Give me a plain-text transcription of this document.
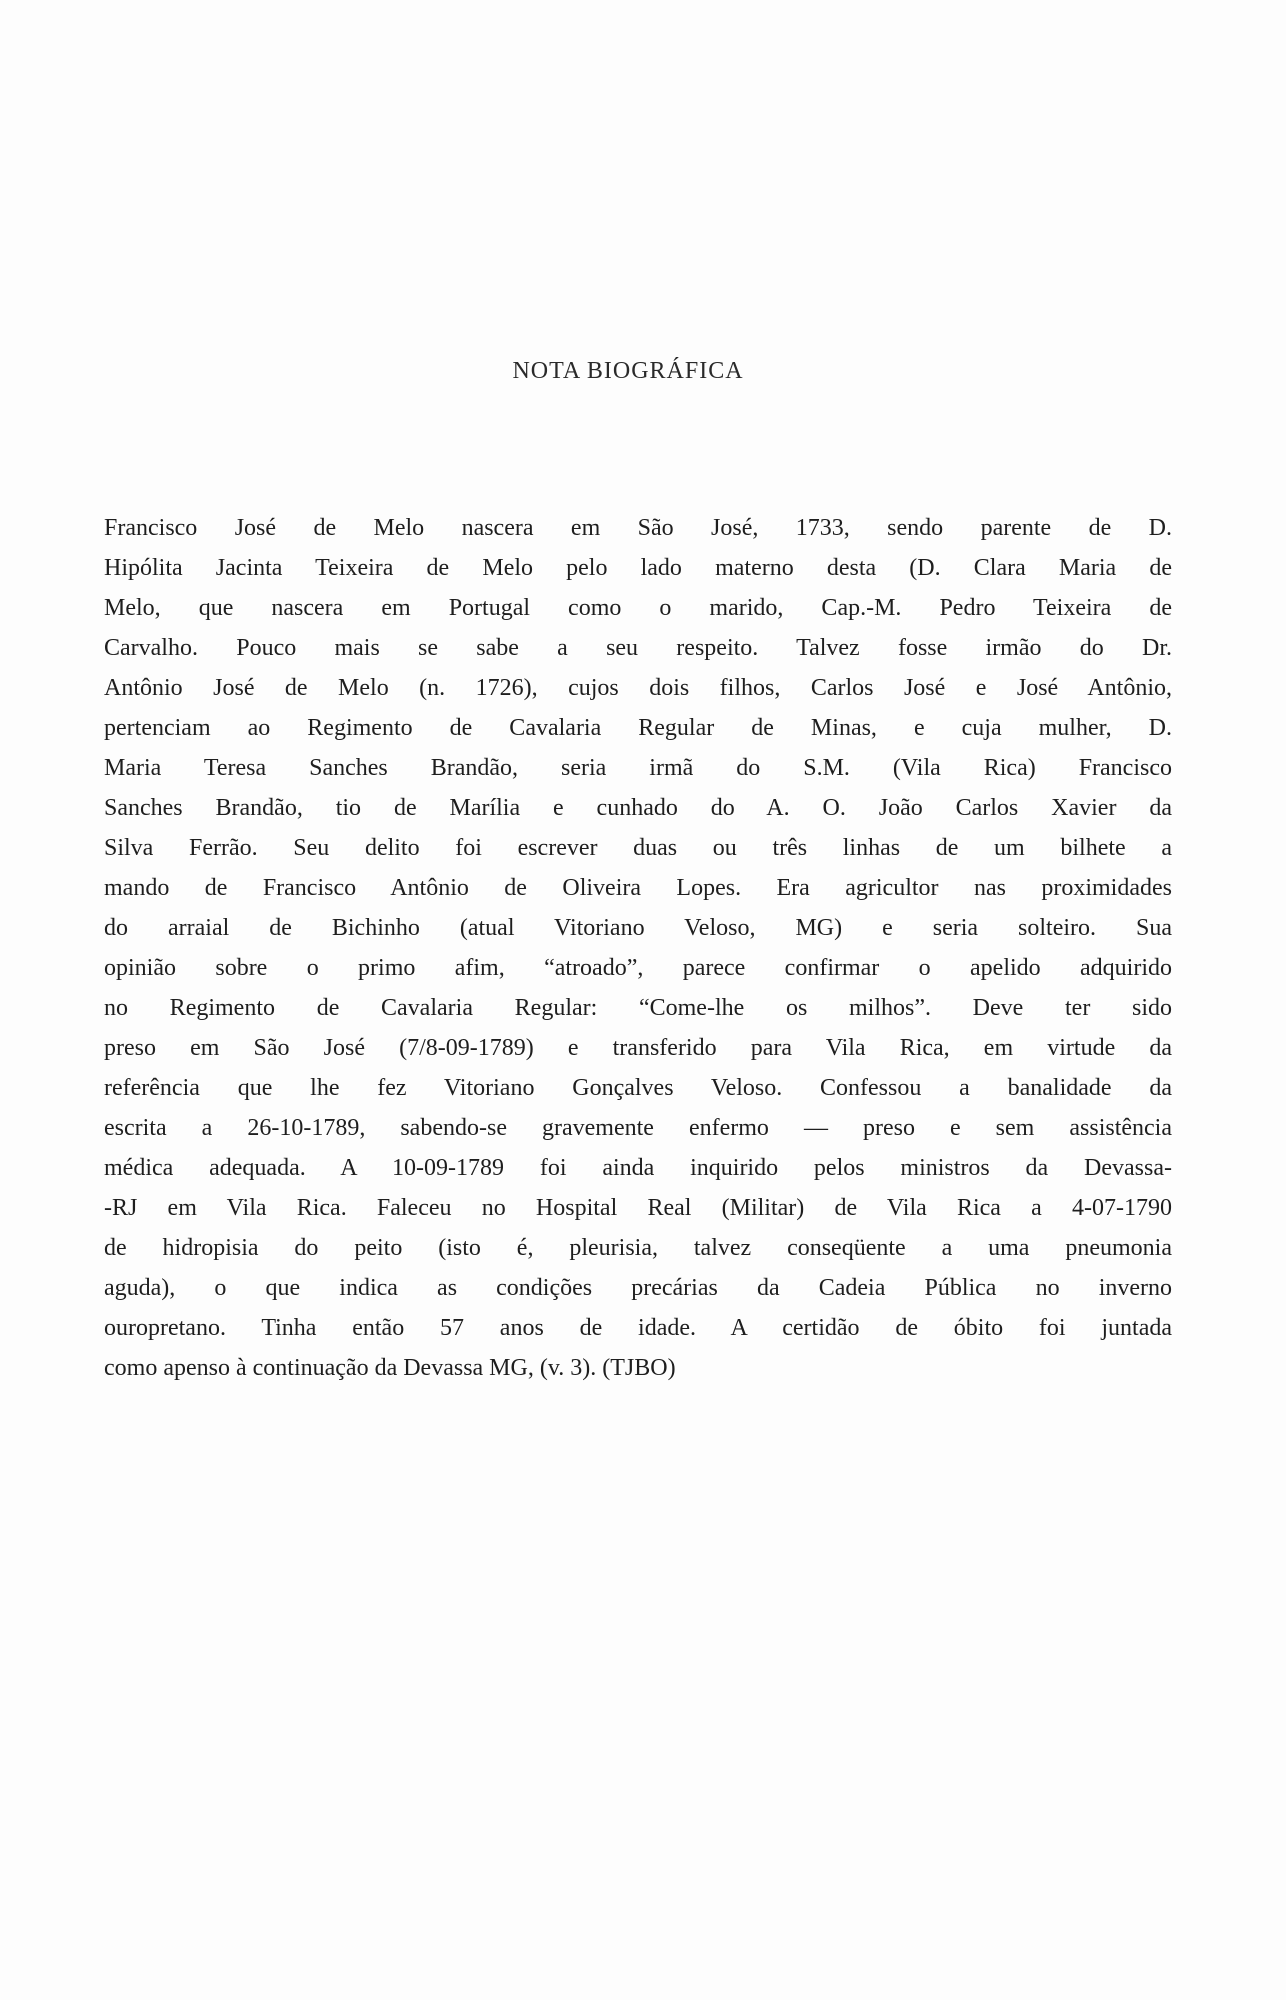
NOTA BIOGRÁFICA
Francisco José de Melo nascera em São José, 1733, sendo parente de D.
Hipólita Jacinta Teixeira de Melo pelo lado materno desta (D. Clara Maria de
Melo, que nascera em Portugal como o marido, Cap.-M. Pedro Teixeira de
Carvalho. Pouco mais se sabe a seu respeito. Talvez fosse irmão do Dr.
Antônio José de Melo (n. 1726), cujos dois filhos, Carlos José e José Antônio,
pertenciam ao Regimento de Cavalaria Regular de Minas, e cuja mulher, D.
Maria Teresa Sanches Brandão, seria irmã do S.M. (Vila Rica) Francisco
Sanches Brandão, tio de Marília e cunhado do A. O. João Carlos Xavier da
Silva Ferrão. Seu delito foi escrever duas ou três linhas de um bilhete a
mando de Francisco Antônio de Oliveira Lopes. Era agricultor nas proximidades
do arraial de Bichinho (atual Vitoriano Veloso, MG) e seria solteiro. Sua
opinião sobre o primo afim, “atroado”, parece confirmar o apelido adquirido
no Regimento de Cavalaria Regular: “Come-lhe os milhos”. Deve ter sido
preso em São José (7/8-09-1789) e transferido para Vila Rica, em virtude da
referência que lhe fez Vitoriano Gonçalves Veloso. Confessou a banalidade da
escrita a 26-10-1789, sabendo-se gravemente enfermo — preso e sem assistência
médica adequada. A 10-09-1789 foi ainda inquirido pelos ministros da Devassa-
-RJ em Vila Rica. Faleceu no Hospital Real (Militar) de Vila Rica a 4-07-1790
de hidropisia do peito (isto é, pleurisia, talvez conseqüente a uma pneumonia
aguda), o que indica as condições precárias da Cadeia Pública no inverno
ouropretano. Tinha então 57 anos de idade. A certidão de óbito foi juntada
como apenso à continuação da Devassa MG, (v. 3). (TJBO)
